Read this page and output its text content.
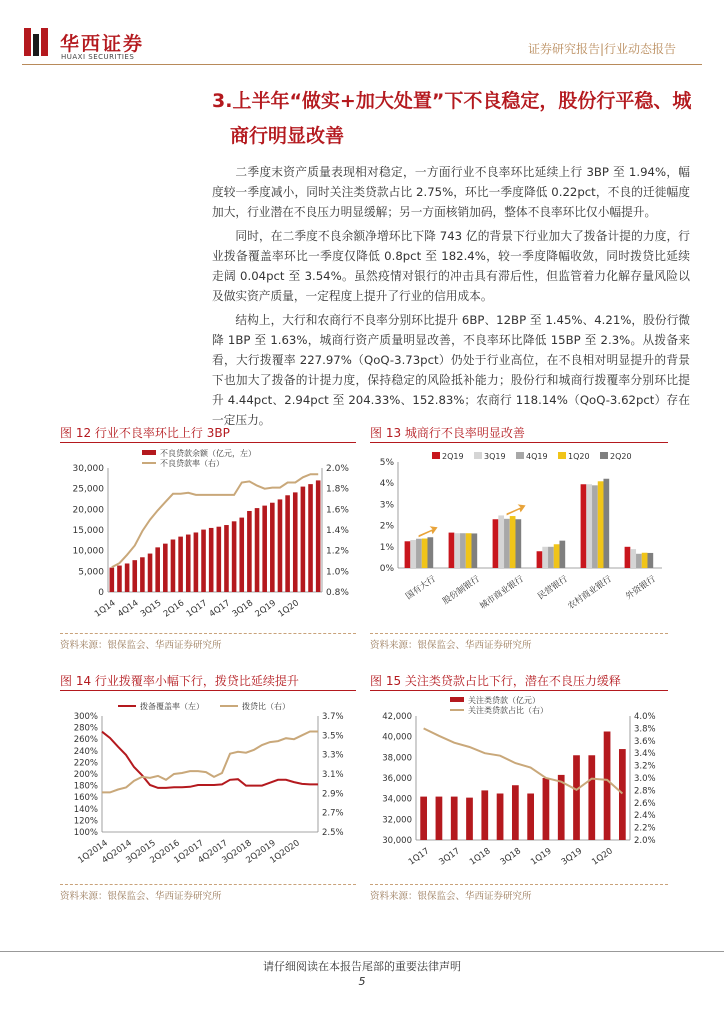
华西证券
HUAXI SECURITIES
证券研究报告|行业动态报告
3.上半年“做实+加大处置”下不良稳定，股份行平稳、城
商行明显改善

二季度末资产质量表现相对稳定，一方面行业不良率环比延续上行 3BP 至 1.94%，幅度较一季度减小，同时关注类贷款占比 2.75%，环比一季度降低 0.22pct，不良的迁徙幅度加大，行业潜在不良压力明显缓解；另一方面核销加码，整体不良率环比仅小幅提升。

同时，在二季度不良余额净增环比下降 743 亿的背景下行业加大了拨备计提的力度，行业拨备覆盖率环比一季度仅降低 0.8pct 至 182.4%，较一季度降幅收敛，同时拨贷比延续走阔 0.04pct 至 3.54%。虽然疫情对银行的冲击具有滞后性，但监管着力化解存量风险以及做实资产质量，一定程度上提升了行业的信用成本。

结构上，大行和农商行不良率分别环比提升 6BP、12BP 至 1.45%、4.21%，股份行微降 1BP 至 1.63%，城商行资产质量明显改善，不良率环比降低 15BP 至 2.3%。从拨备来看，大行拨覆率 227.97%（QoQ-3.73pct）仍处于行业高位，在不良相对明显提升的背景下也加大了拨备的计提力度，保持稳定的风险抵补能力；股份行和城商行拨覆率分别环比提升 4.44pct、2.94pct 至 204.33%、152.83%；农商行 118.14%（QoQ-3.62pct）存在一定压力。

图 12 行业不良率环比上行 3BP	图 13 城商行不良率明显改善
资料来源：银保监会、华西证券研究所	资料来源：银保监会、华西证券研究所
图 14 行业拨覆率小幅下行，拨贷比延续提升	图 15 关注类贷款占比下行，潜在不良压力缓释
资料来源：银保监会、华西证券研究所	资料来源：银保监会、华西证券研究所
0
5,000
10,000
15,000
20,000
25,000
30,000
0.8%
1.0%
1.2%
1.4%
1.6%
1.8%
2.0%
1Q14
4Q14
3Q15
2Q16
1Q17
4Q17
3Q18
2Q19
1Q20
不良贷款余额（亿元，左）
不良贷款率（右）
0%
1%
2%
3%
4%
5%
国有大行 股份制银行
城市商业银行 民营银行
农村商业银行 外资银行
2Q19	3Q19	4Q19	1Q20	2Q20
100%
120%
140%
160%
180%
200%
220%
240%
260%
280%
300%
2.5%
2.7%
2.9%
3.1%
3.3%
3.5%
3.7%
1Q2014
4Q2014
3Q2015
2Q2016
1Q2017
4Q2017
3Q2018
2Q2019
1Q2020
拨备覆盖率（左）	拨贷比（右）
30,000
32,000
34,000
36,000
38,000
40,000
42,000
2.0%
2.2%
2.4%
2.6%
2.8%
3.0%
3.2%
3.4%
3.6%
3.8%
4.0%
1Q17 3Q17 1Q18 3Q18 1Q19 3Q19 1Q20
关注类贷款（亿元）
关注类贷款占比（右）
请仔细阅读在本报告尾部的重要法律声明
5
